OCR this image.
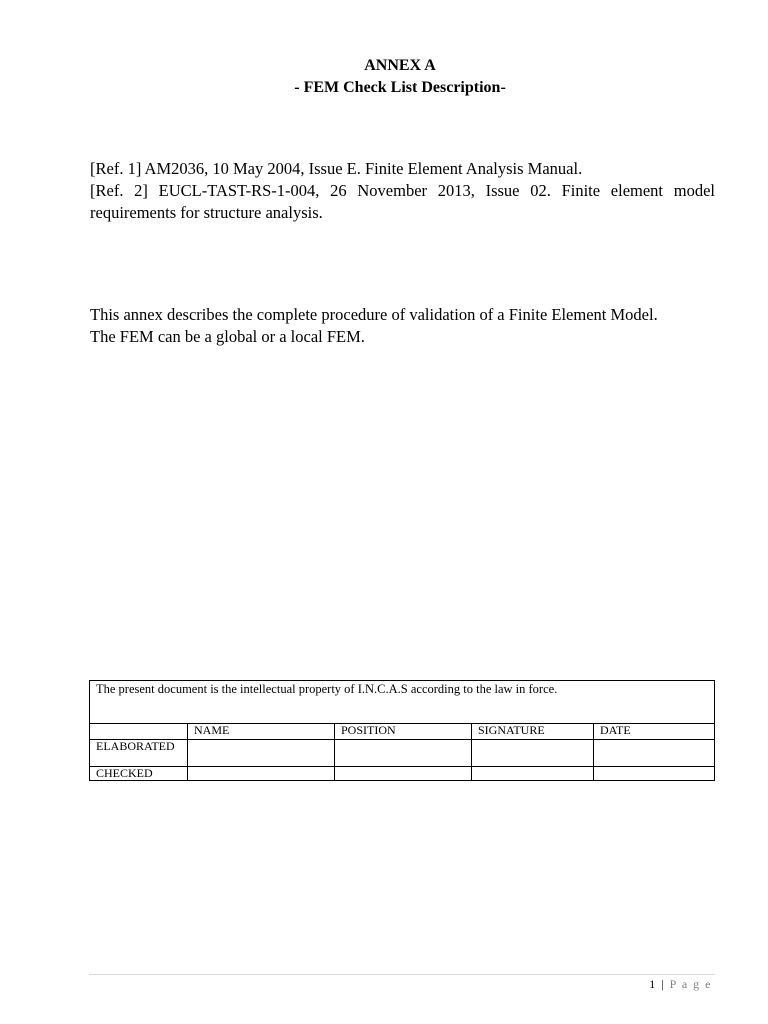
ANNEX A
- FEM Check List Description-

[Ref. 1] AM2036, 10 May 2004, Issue E. Finite Element Analysis Manual.

[Ref. 2] EUCL-TAST-RS-1-004, 26 November 2013, Issue 02. Finite element model requirements for structure analysis.

This annex describes the complete procedure of validation of a Finite Element Model.

The FEM can be a global or a local FEM.

The present document is the intellectual property of I.N.C.A.S according to the law in force.				
	NAME	POSITION	SIGNATURE	DATE
ELABORATED				
CHECKED				
1 | P a g e
